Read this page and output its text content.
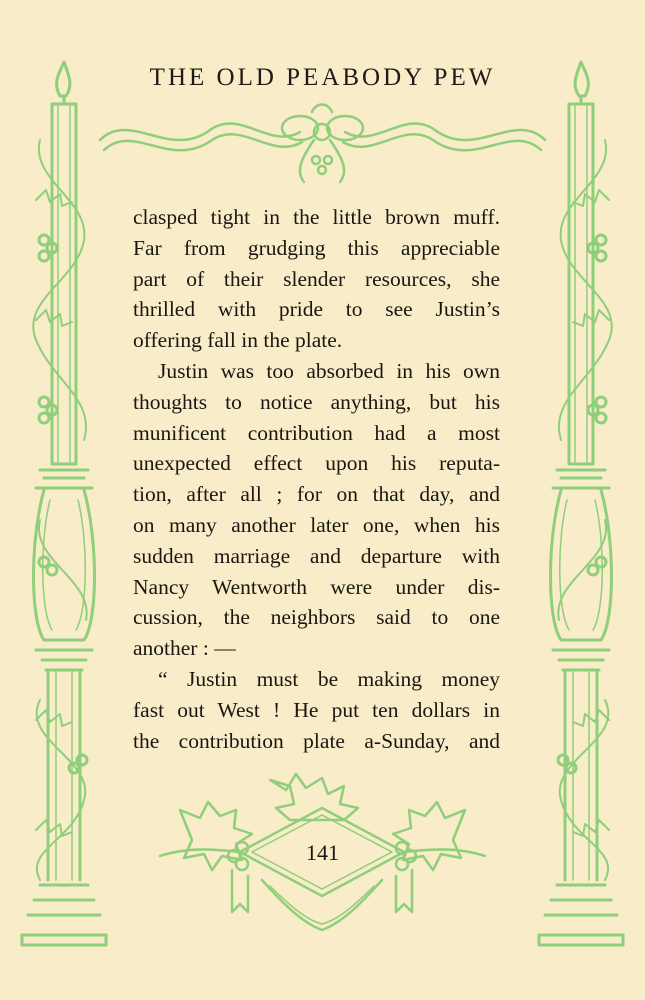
THE OLD PEABODY PEW
clasped tight in the little brown muff.
Far from grudging this appreciable
part of their slender resources, she
thrilled with pride to see Justin’s
offering fall in the plate.
Justin was too absorbed in his own
thoughts to notice anything, but his
munificent contribution had a most
unexpected effect upon his reputa-
tion, after all ; for on that day, and
on many another later one, when his
sudden marriage and departure with
Nancy Wentworth were under dis-
cussion, the neighbors said to one
another : —
“ Justin must be making money
fast out West ! He put ten dollars in
the contribution plate a-Sunday, and
141
